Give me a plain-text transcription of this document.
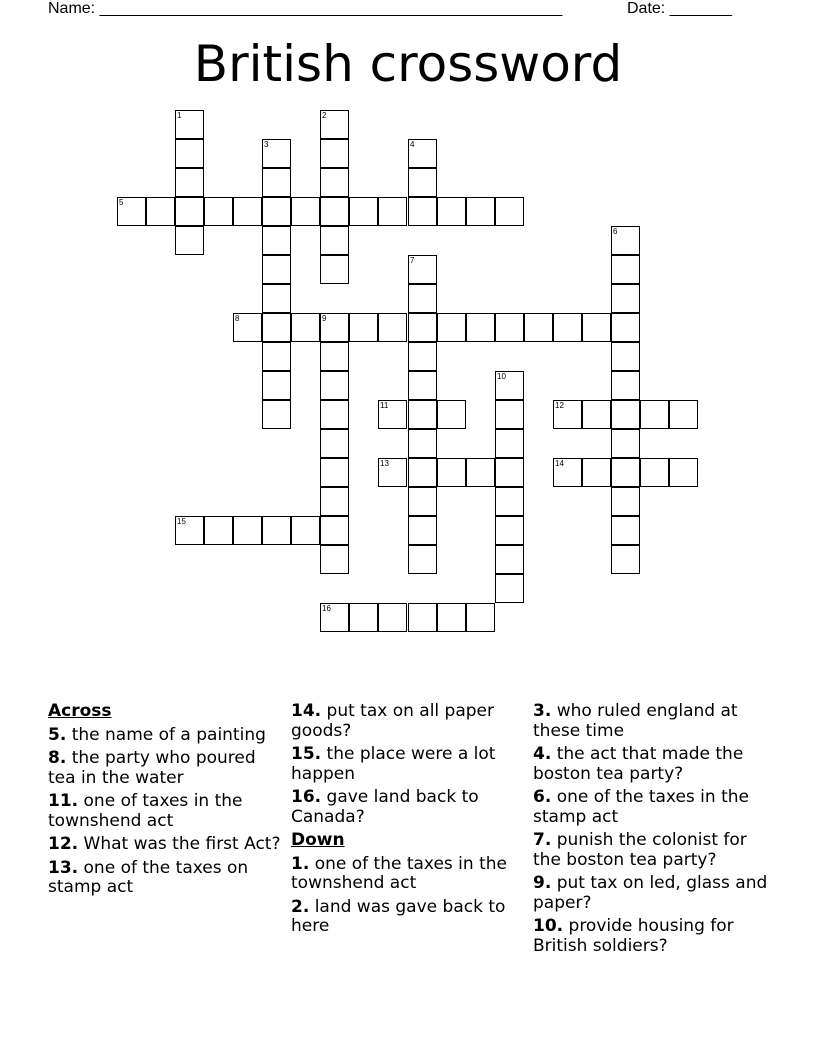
Name: ____________________________________________________	Date: _______
British crossword
1	2
3	4
5
6
7
8	9
10
11	12
13	14
15
16
Across
5. the name of a painting
8. the party who poured tea in the water
11. one of taxes in the townshend act
12. What was the first Act?
13. one of the taxes on stamp act
14. put tax on all paper goods?
15. the place were a lot happen
16. gave land back to Canada?
Down
1. one of the taxes in the townshend act
2. land was gave back to here
3. who ruled england at these time
4. the act that made the boston tea party?
6. one of the taxes in the stamp act
7. punish the colonist for the boston tea party?
9. put tax on led, glass and paper?
10. provide housing for British soldiers?
